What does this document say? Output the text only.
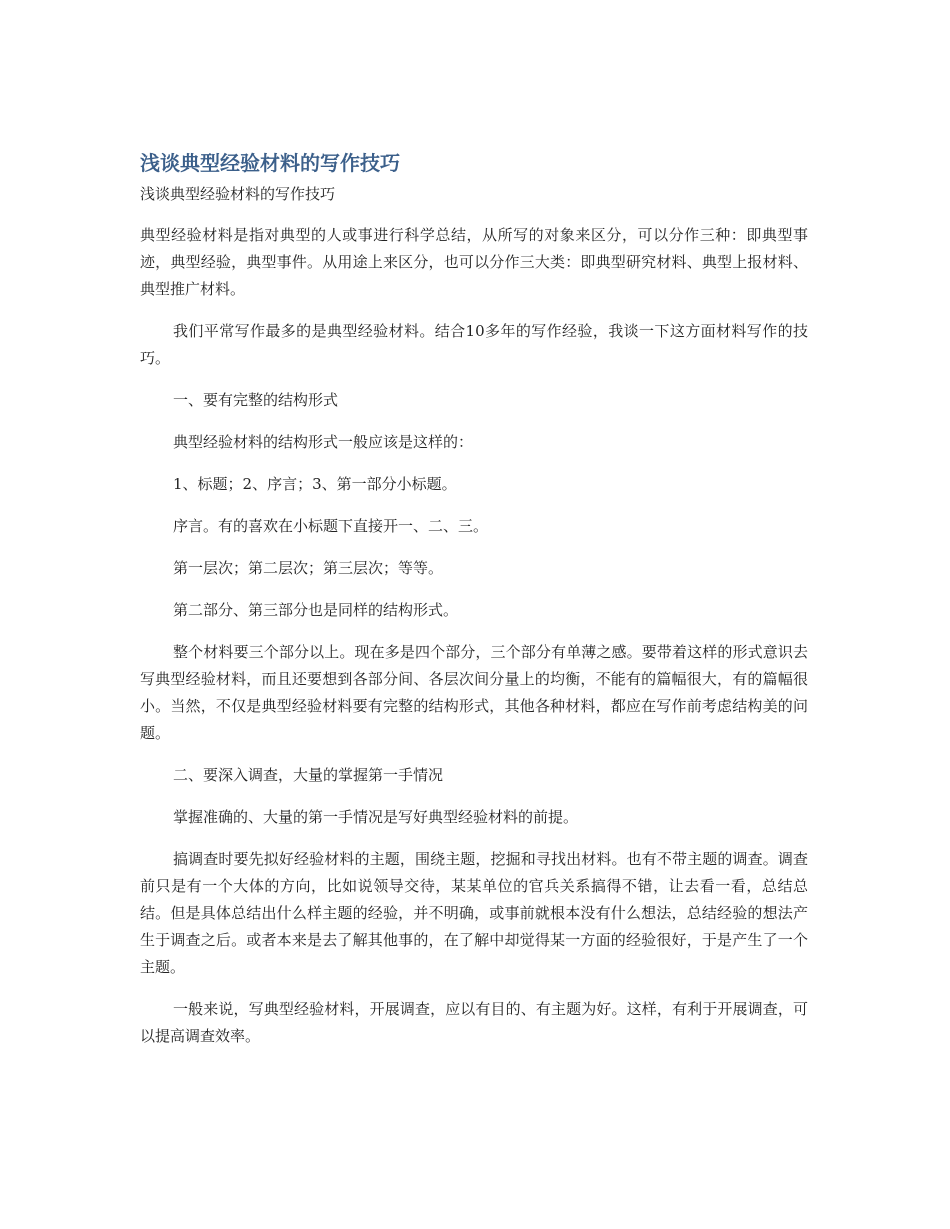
浅谈典型经验材料的写作技巧

浅谈典型经验材料的写作技巧

典型经验材料是指对典型的人或事进行科学总结，从所写的对象来区分，可以分作三种：即典型事迹，典型经验，典型事件。从用途上来区分，也可以分作三大类：即典型研究材料、典型上报材料、典型推广材料。

我们平常写作最多的是典型经验材料。结合10多年的写作经验，我谈一下这方面材料写作的技巧。

一、要有完整的结构形式

典型经验材料的结构形式一般应该是这样的：

1、标题；2、序言；3、第一部分小标题。

序言。有的喜欢在小标题下直接开一、二、三。

第一层次；第二层次；第三层次；等等。

第二部分、第三部分也是同样的结构形式。

整个材料要三个部分以上。现在多是四个部分，三个部分有单薄之感。要带着这样的形式意识去写典型经验材料，而且还要想到各部分间、各层次间分量上的均衡，不能有的篇幅很大，有的篇幅很小。当然，不仅是典型经验材料要有完整的结构形式，其他各种材料，都应在写作前考虑结构美的问题。

二、要深入调查，大量的掌握第一手情况

掌握准确的、大量的第一手情况是写好典型经验材料的前提。

搞调查时要先拟好经验材料的主题，围绕主题，挖掘和寻找出材料。也有不带主题的调查。调查前只是有一个大体的方向，比如说领导交待，某某单位的官兵关系搞得不错，让去看一看，总结总结。但是具体总结出什么样主题的经验，并不明确，或事前就根本没有什么想法，总结经验的想法产生于调查之后。或者本来是去了解其他事的，在了解中却觉得某一方面的经验很好，于是产生了一个主题。

一般来说，写典型经验材料，开展调查，应以有目的、有主题为好。这样，有利于开展调查，可以提高调查效率。
